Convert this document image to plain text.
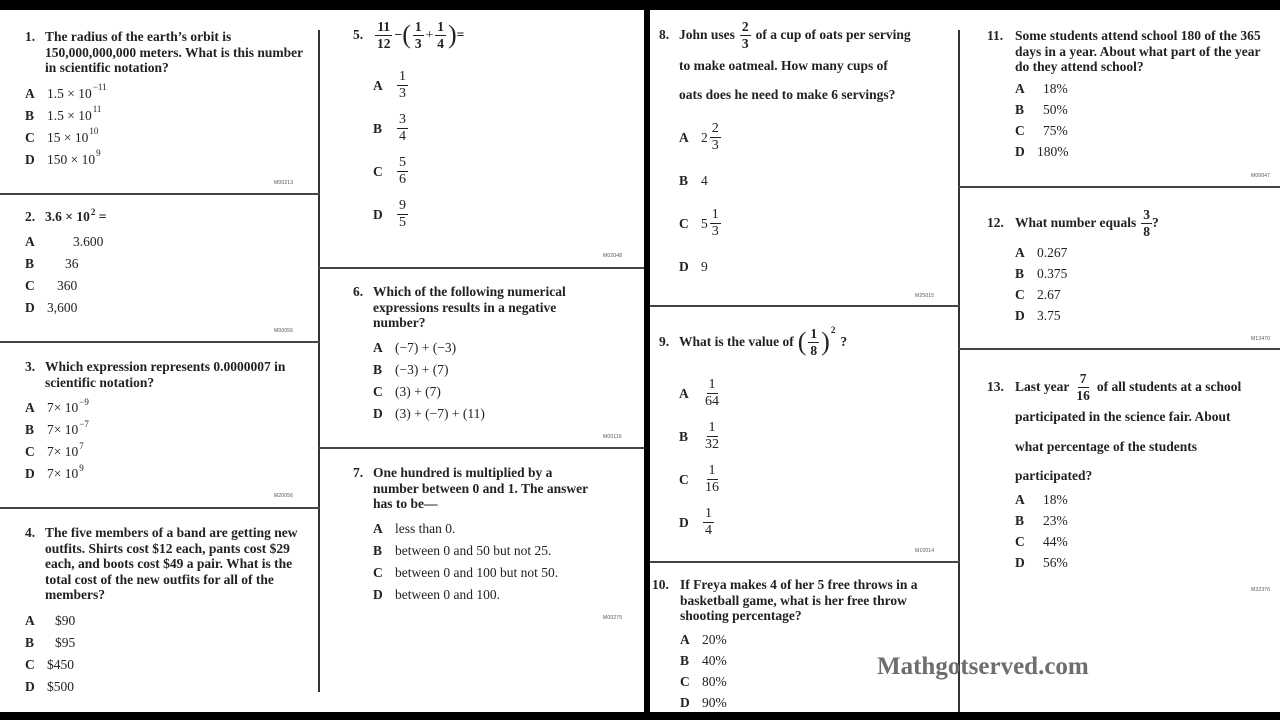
1. The radius of the earth’s orbit is 150,000,000,000 meters. What is this number in scientific notation?
A 1.5 × 10 −11
B 1.5 × 10 11
C 15 × 10 10
D 150 × 10 9
M00213
2. 3.6 × 102 =
A	3.600
B	36
C	360
D 3,600
M00056
3. Which expression represents 0.0000007 in scientific notation?
A 7× 10 −9
B 7× 10 −7
C 7× 10 7
D 7× 10 9
M20056
4. The five members of a band are getting new outfits. Shirts cost $12 each, pants cost $29 each, and boots cost $49 a pair. What is the total cost of the new outfits for all of the members?
A	$90
B	$95
C $450
D $500
5. $\frac{11}{12}$ − ( $\frac{1}{3} + \frac{1}{4}$ ) =
A	$\frac{1}{3}$
B	$\frac{3}{4}$
C	$\frac{5}{6}$
D	$\frac{9}{5}$
M02048
6. Which of the following numerical expressions results in a negative number?
A (−7) + (−3)
B (−3) + (7)
C (3) + (7)
D (3) + (−7) + (11)
M00116
7. One hundred is multiplied by a number between 0 and 1. The answer has to be—
A less than 0.
B between 0 and 50 but not 25.
C between 0 and 100 but not 50.
D between 0 and 100.
M00275
8. John uses $\frac{2}{3}$ of a cup of oats per serving
to make oatmeal. How many cups of
oats does he need to make 6 servings?
A $2 \frac{2}{3}$
B 4
C $5 \frac{1}{3}$
D 9
M25015
9. What is the value of ( $\frac{1}{8}$ ) 2
?
A	$\frac{1}{64}$
B	$\frac{1}{32}$
C	$\frac{1}{16}$
D	$\frac{1}{4}$
M10014
10. If Freya makes 4 of her 5 free throws in a basketball game, what is her free throw shooting percentage?
A 20%
B 40%
C 80%
D 90%
11. Some students attend school 180 of the 365 days in a year. About what part of the year do they attend school?
A	18%
B	50%
C	75%
D 180%
M00047
12. What number equals $\frac{3}{8}$ ?
A 0.267
B 0.375
C 2.67
D 3.75
M13470
13. Last year $\frac{7}{16}$ of all students at a school
participated in the science fair. About
what percentage of the students
participated?
A	18%
B	23%
C	44%
D	56%
M32376
Mathgotserved.com
